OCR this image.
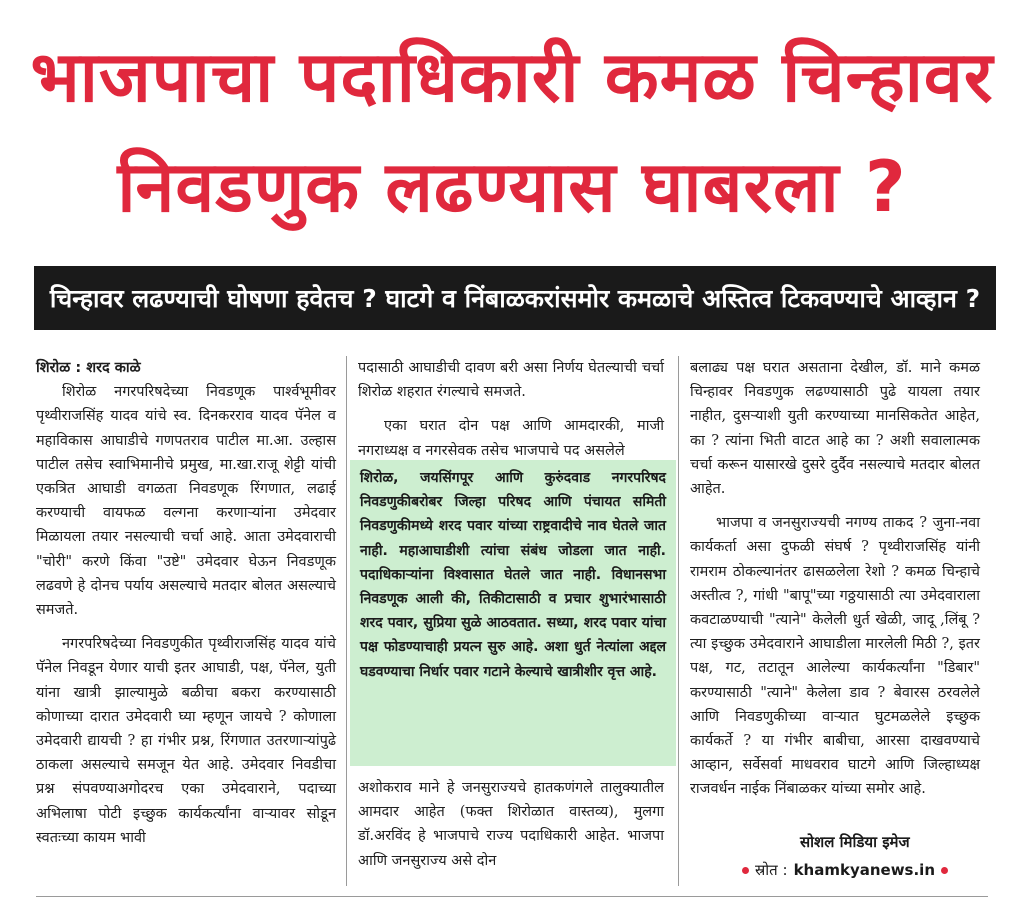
भाजपाचा पदाधिकारी कमळ चिन्हावर
निवडणुक लढण्यास घाबरला ?
चिन्हावर लढण्याची घोषणा हवेतच ? घाटगे व निंबाळकरांसमोर कमळाचे अस्तित्व टिकवण्याचे आव्हान ?

शिरोळ : शरद काळे

शिरोळ नगरपरिषदेच्या निवडणूक पार्श्वभूमीवर पृथ्वीराजसिंह यादव यांचे स्व. दिनकरराव यादव पॅनेल व महाविकास आघाडीचे गणपतराव पाटील मा.आ. उल्हास पाटील तसेच स्वाभिमानीचे प्रमुख, मा.खा.राजू शेट्टी यांची एकत्रित आघाडी वगळता निवडणूक रिंगणात, लढाई करण्याची वायफळ वल्गना करणाऱ्यांना उमेदवार मिळायला तयार नसल्याची चर्चा आहे. आता उमेदवाराची "चोरी" करणे किंवा "उष्टे" उमेदवार घेऊन निवडणूक लढवणे हे दोनच पर्याय असल्याचे मतदार बोलत असल्याचे समजते.

नगरपरिषदेच्या निवडणुकीत पृथ्वीराजसिंह यादव यांचे पॅनेल निवडून येणार याची इतर आघाडी, पक्ष, पॅनेल, युती यांना खात्री झाल्यामुळे बळीचा बकरा करण्यासाठी कोणाच्या दारात उमेदवारी घ्या म्हणून जायचे ? कोणाला उमेदवारी द्यायची ? हा गंभीर प्रश्न, रिंगणात उतरणाऱ्यांपुढे ठाकला असल्याचे समजून येत आहे. उमेदवार निवडीचा प्रश्न संपवण्याअगोदरच एका उमेदवाराने, पदाच्या अभिलाषा पोटी इच्छुक कार्यकर्त्यांना वाऱ्यावर सोडून स्वतःच्या कायम भावी

पदासाठी आघाडीची दावण बरी असा निर्णय घेतल्याची चर्चा शिरोळ शहरात रंगल्याचे समजते.

एका घरात दोन पक्ष आणि आमदारकी, माजी नगराध्यक्ष व नगरसेवक तसेच भाजपाचे पद असलेले

शिरोळ, जयसिंगपूर आणि कुरुंदवाड नगरपरिषद निवडणुकीबरोबर जिल्हा परिषद आणि पंचायत समिती निवडणुकीमध्ये शरद पवार यांच्या राष्ट्रवादीचे नाव घेतले जात नाही. महाआघाडीशी त्यांचा संबंध जोडला जात नाही. पदाधिकाऱ्यांना विश्वासात घेतले जात नाही. विधानसभा निवडणूक आली की, तिकीटासाठी व प्रचार शुभारंभासाठी शरद पवार, सुप्रिया सुळे आठवतात. सध्या, शरद पवार यांचा पक्ष फोडण्याचाही प्रयत्न सुरु आहे. अशा धुर्त नेत्यांला अद्दल घडवण्याचा निर्धार पवार गटाने केल्याचे खात्रीशीर वृत्त आहे.

अशोकराव माने हे जनसुराज्यचे हातकणंगले तालुक्यातील आमदार आहेत (फक्त शिरोळात वास्तव्य), मुलगा डॉ.अरविंद हे भाजपाचे राज्य पदाधिकारी आहेत. भाजपा आणि जनसुराज्य असे दोन

बलाढ्य पक्ष घरात असताना देखील, डॉ. माने कमळ चिन्हावर निवडणुक लढण्यासाठी पुढे यायला तयार नाहीत, दुसऱ्याशी युती करण्याच्या मानसिकतेत आहेत, का ? त्यांना भिती वाटत आहे का ? अशी सवालात्मक चर्चा करून यासारखे दुसरे दुर्दैव नसल्याचे मतदार बोलत आहेत.

भाजपा व जनसुराज्यची नगण्य ताकद ? जुना-नवा कार्यकर्ता असा दुफळी संघर्ष ? पृथ्वीराजसिंह यांनी रामराम ठोकल्यानंतर ढासळलेला रेशो ? कमळ चिन्हाचे अस्तीत्व ?, गांधी "बापू"च्या गठ्ठयासाठी त्या उमेदवाराला कवटाळण्याची "त्याने" केलेली धुर्त खेळी, जादू ,लिंबू ? त्या इच्छुक उमेदवाराने आघाडीला मारलेली मिठी ?, इतर पक्ष, गट, तटातून आलेल्या कार्यकर्त्यांना "डिबार" करण्यासाठी "त्याने" केलेला डाव ? बेवारस ठरवलेले आणि निवडणुकीच्या वाऱ्यात घुटमळलेले इच्छुक कार्यकर्ते ? या गंभीर बाबीचा, आरसा दाखवण्याचे आव्हान, सर्वेसर्वा माधवराव घाटगे आणि जिल्हाध्यक्ष राजवर्धन नाईक निंबाळकर यांच्या समोर आहे.

सोशल मिडिया इमेज
स्रोत : khamkyanews.in
